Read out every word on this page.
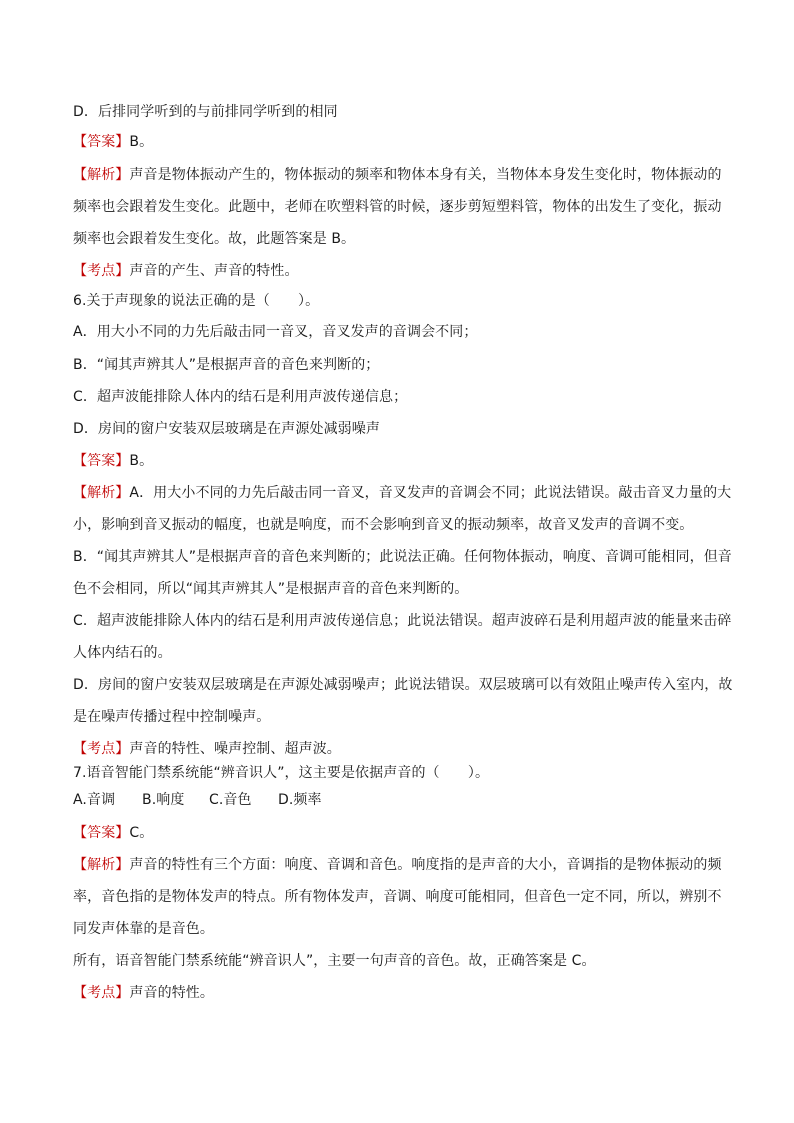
D．后排同学听到的与前排同学听到的相同
【答案】B。
【解析】声音是物体振动产生的，物体振动的频率和物体本身有关，当物体本身发生变化时，物体振动的
频率也会跟着发生变化。此题中，老师在吹塑料管的时候，逐步剪短塑料管，物体的出发生了变化，振动
频率也会跟着发生变化。故，此题答案是 B。
【考点】声音的产生、声音的特性。
6.关于声现象的说法正确的是（　　）。
A．用大小不同的力先后敲击同一音叉，音叉发声的音调会不同；
B．“闻其声辨其人”是根据声音的音色来判断的；
C．超声波能排除人体内的结石是利用声波传递信息；
D．房间的窗户安装双层玻璃是在声源处减弱噪声
【答案】B。
【解析】A．用大小不同的力先后敲击同一音叉，音叉发声的音调会不同；此说法错误。敲击音叉力量的大
小，影响到音叉振动的幅度，也就是响度，而不会影响到音叉的振动频率，故音叉发声的音调不变。
B．“闻其声辨其人”是根据声音的音色来判断的；此说法正确。任何物体振动，响度、音调可能相同，但音
色不会相同，所以“闻其声辨其人”是根据声音的音色来判断的。
C．超声波能排除人体内的结石是利用声波传递信息；此说法错误。超声波碎石是利用超声波的能量来击碎
人体内结石的。
D．房间的窗户安装双层玻璃是在声源处减弱噪声；此说法错误。双层玻璃可以有效阻止噪声传入室内，故
是在噪声传播过程中控制噪声。
【考点】声音的特性、噪声控制、超声波。
7.语音智能门禁系统能“辨音识人”，这主要是依据声音的（　　）。
A.音调 B.响度 C.音色 D.频率
【答案】C。
【解析】声音的特性有三个方面：响度、音调和音色。响度指的是声音的大小，音调指的是物体振动的频
率，音色指的是物体发声的特点。所有物体发声，音调、响度可能相同，但音色一定不同，所以，辨别不
同发声体靠的是音色。
所有，语音智能门禁系统能“辨音识人”，主要一句声音的音色。故，正确答案是 C。
【考点】声音的特性。
